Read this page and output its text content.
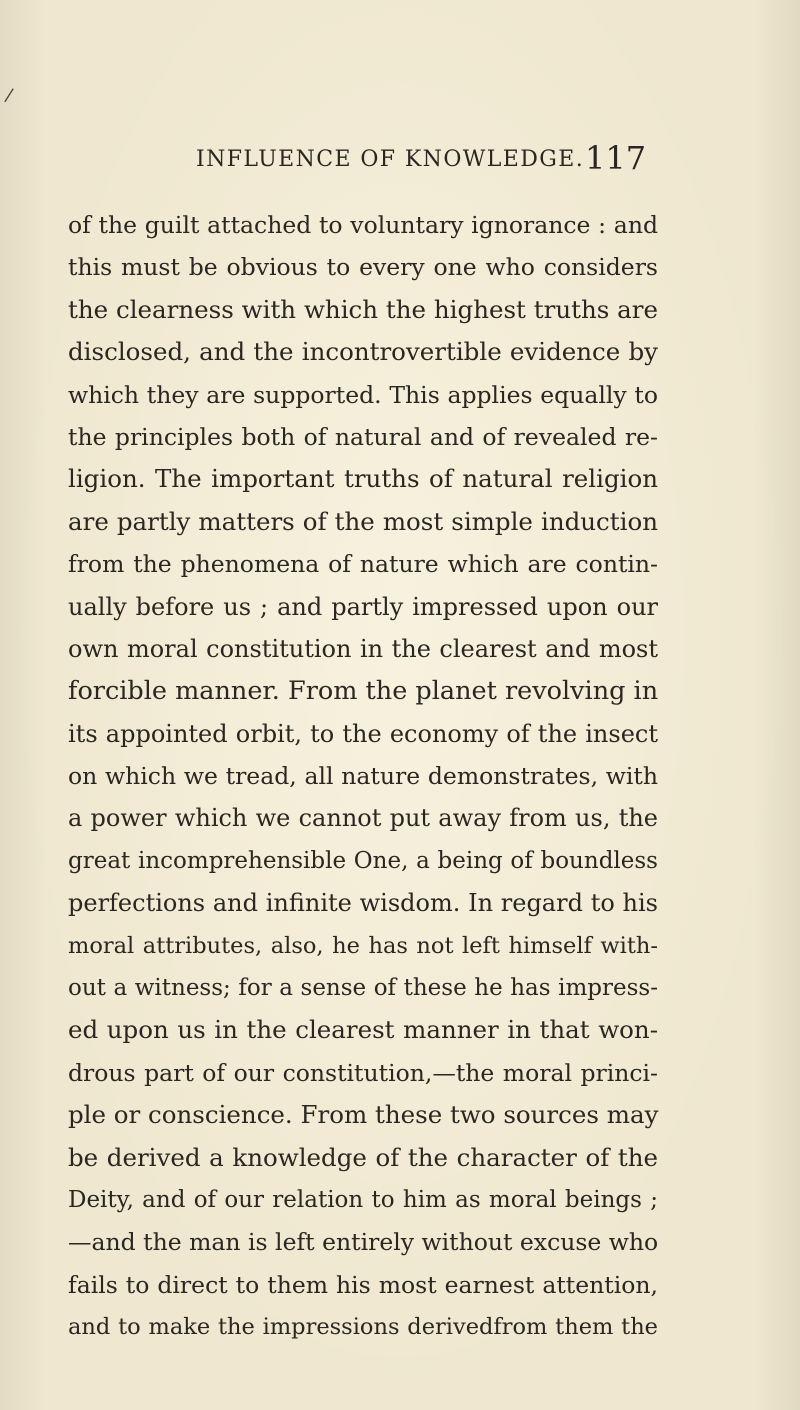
/
INFLUENCE OF KNOWLEDGE. 117
of the guilt attached to voluntary ignorance : and
this must be obvious to every one who considers
the clearness with which the highest truths are
disclosed, and the incontrovertible evidence by
which they are supported. This applies equally to
the principles both of natural and of revealed re-
ligion. The important truths of natural religion
are partly matters of the most simple induction
from the phenomena of nature which are contin-
ually before us ; and partly impressed upon our
own moral constitution in the clearest and most
forcible manner. From the planet revolving in
its appointed orbit, to the economy of the insect
on which we tread, all nature demonstrates, with
a power which we cannot put away from us, the
great incomprehensible One, a being of boundless
perfections and infinite wisdom. In regard to his
moral attributes, also, he has not left himself with-
out a witness; for a sense of these he has impress-
ed upon us in the clearest manner in that won-
drous part of our constitution,—the moral princi-
ple or conscience. From these two sources may
be derived a knowledge of the character of the
Deity, and of our relation to him as moral beings ;
—and the man is left entirely without excuse who
fails to direct to them his most earnest attention,
and to make the impressions derivedfrom them the
